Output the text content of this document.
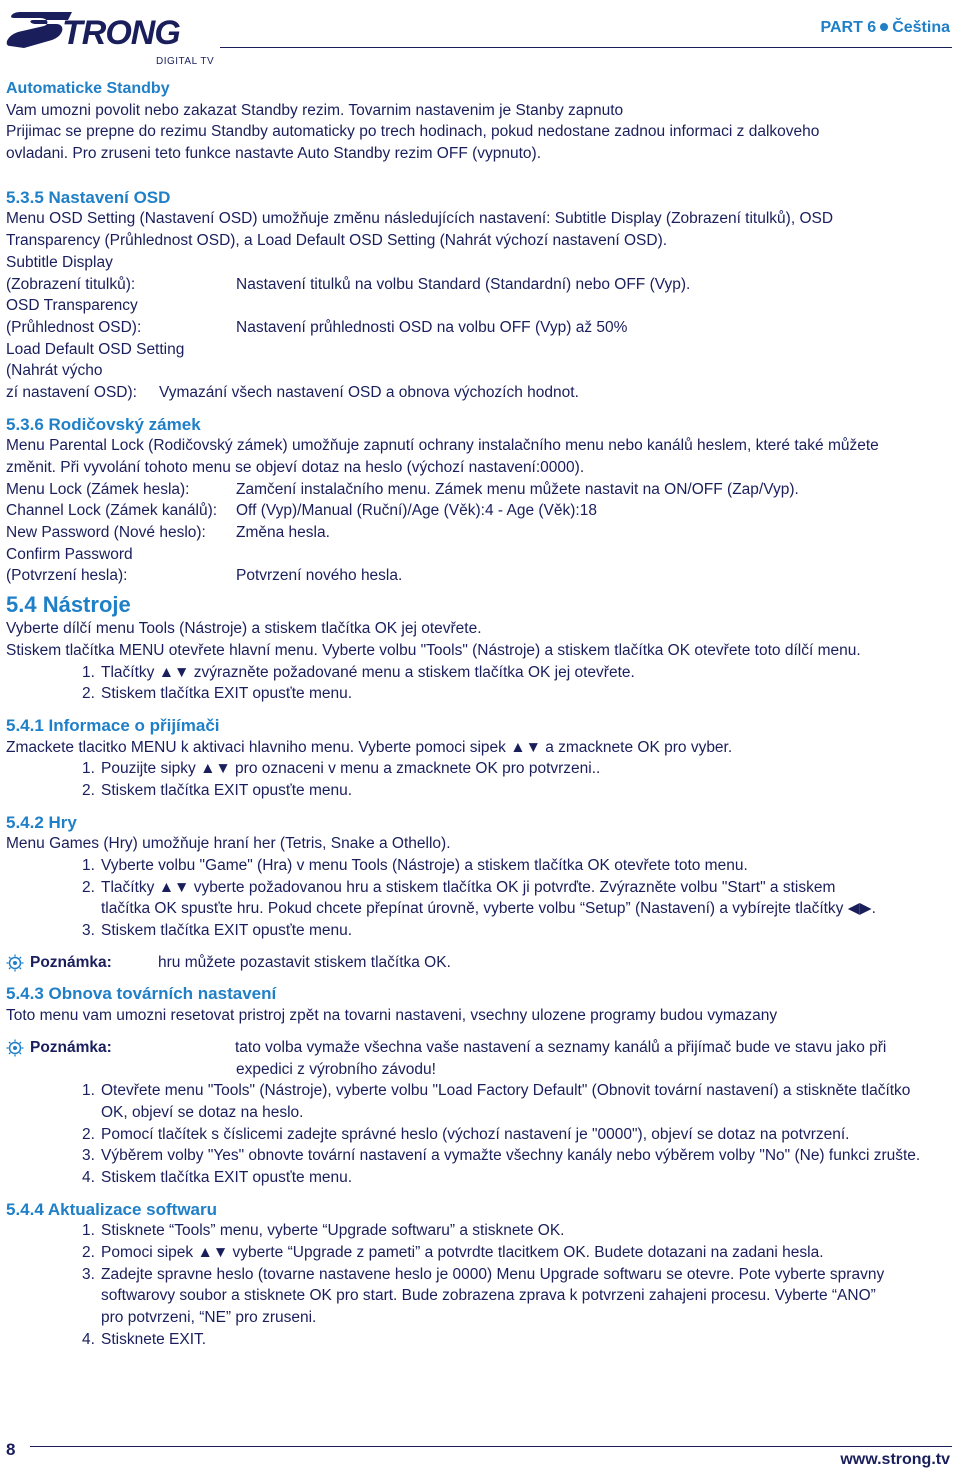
TRONG
DIGITAL TV
PART 6 Čeština
Automaticke Standby
Vam umozni povolit nebo zakazat Standby rezim. Tovarnim nastavenim je Stanby zapnuto
Prijimac se prepne do rezimu Standby automaticky po trech hodinach, pokud nedostane zadnou informaci z dalkoveho
ovladani. Pro zruseni teto funkce nastavte Auto Standby rezim OFF (vypnuto).
5.3.5 Nastavení OSD
Menu OSD Setting (Nastavení OSD) umožňuje změnu následujících nastavení: Subtitle Display (Zobrazení titulků), OSD
Transparency (Průhlednost OSD), a Load Default OSD Setting (Nahrát výchozí nastavení OSD).
Subtitle Display
(Zobrazení titulků):	Nastavení titulků na volbu Standard (Standardní) nebo OFF (Vyp).
OSD Transparency
(Průhlednost OSD):	Nastavení průhlednosti OSD na volbu OFF (Vyp) až 50%
Load Default OSD Setting
(Nahrát výcho
zí nastavení OSD):	Vymazání všech nastavení OSD a obnova výchozích hodnot.
5.3.6 Rodičovský zámek
Menu Parental Lock (Rodičovský zámek) umožňuje zapnutí ochrany instalačního menu nebo kanálů heslem, které také můžete
změnit. Při vyvolání tohoto menu se objeví dotaz na heslo (výchozí nastavení:0000).
Menu Lock (Zámek hesla):	Zamčení instalačního menu. Zámek menu můžete nastavit na ON/OFF (Zap/Vyp).
Channel Lock (Zámek kanálů):	Off (Vyp)/Manual (Ruční)/Age (Věk):4 - Age (Věk):18
New Password (Nové heslo):	Změna hesla.
Confirm Password
(Potvrzení hesla):	Potvrzení nového hesla.
5.4 Nástroje
Vyberte dílčí menu Tools (Nástroje) a stiskem tlačítka OK jej otevřete.
Stiskem tlačítka MENU otevřete hlavní menu. Vyberte volbu "Tools" (Nástroje) a stiskem tlačítka OK otevřete toto dílčí menu.
1. Tlačítky ▲▼ zvýrazněte požadované menu a stiskem tlačítka OK jej otevřete.
2. Stiskem tlačítka EXIT opusťte menu.
5.4.1 Informace o přijímači
Zmackete tlacitko MENU k aktivaci hlavniho menu. Vyberte pomoci sipek ▲▼ a zmacknete OK pro vyber.
1. Pouzijte sipky ▲▼ pro oznaceni v menu a zmacknete OK pro potvrzeni..
2. Stiskem tlačítka EXIT opusťte menu.
5.4.2 Hry
Menu Games (Hry) umožňuje hraní her (Tetris, Snake a Othello).
1. Vyberte volbu "Game" (Hra) v menu Tools (Nástroje) a stiskem tlačítka OK otevřete toto menu.
2. Tlačítky ▲▼ vyberte požadovanou hru a stiskem tlačítka OK ji potvrďte. Zvýrazněte volbu "Start" a stiskem
tlačítka OK spusťte hru. Pokud chcete přepínat úrovně, vyberte volbu “Setup” (Nastavení) a vybírejte tlačítky ◀▶.
3. Stiskem tlačítka EXIT opusťte menu.
Poznámka:	hru můžete pozastavit stiskem tlačítka OK.
5.4.3 Obnova továrních nastavení
Toto menu vam umozni resetovat pristroj zpět na tovarni nastaveni, vsechny ulozene programy budou vymazany
Poznámka:	tato volba vymaže všechna vaše nastavení a seznamy kanálů a přijímač bude ve stavu jako při
expedici z výrobního závodu!
1. Otevřete menu "Tools" (Nástroje), vyberte volbu "Load Factory Default" (Obnovit tovární nastavení) a stiskněte tlačítko
OK, objeví se dotaz na heslo.
2. Pomocí tlačítek s číslicemi zadejte správné hesl​o (výchozí nastavení je "0000"), objeví se dotaz na potvrzení.
3. Výběrem volby "Yes" obnovte tovární nastavení a vymažte všechny kanály nebo výběrem volby "No" (Ne) funkci zrušte.
4. Stiskem tlačítka EXIT opusťte menu.
5.4.4 Aktualizace softwaru
1. Stisknete “Tools” menu, vyberte “Upgrade softwaru” a stisknete OK.
2. Pomoci sipek ▲▼ vyberte “Upgrade z pameti” a potvrdte tlacitkem OK. Budete dotazani na zadani hesla.
3. Zadejte spravne heslo (tovarne nastavene heslo je 0000) Menu Upgrade softwaru se otevre. Pote vyberte spravny
softwarovy soubor a stisknete OK pro start. Bude zobrazena zprava k potvrzeni zahajeni procesu. Vyberte “ANO”
pro potvrzeni, “NE” pro zruseni.
4. Stisknete EXIT.
8
www.strong.tv
